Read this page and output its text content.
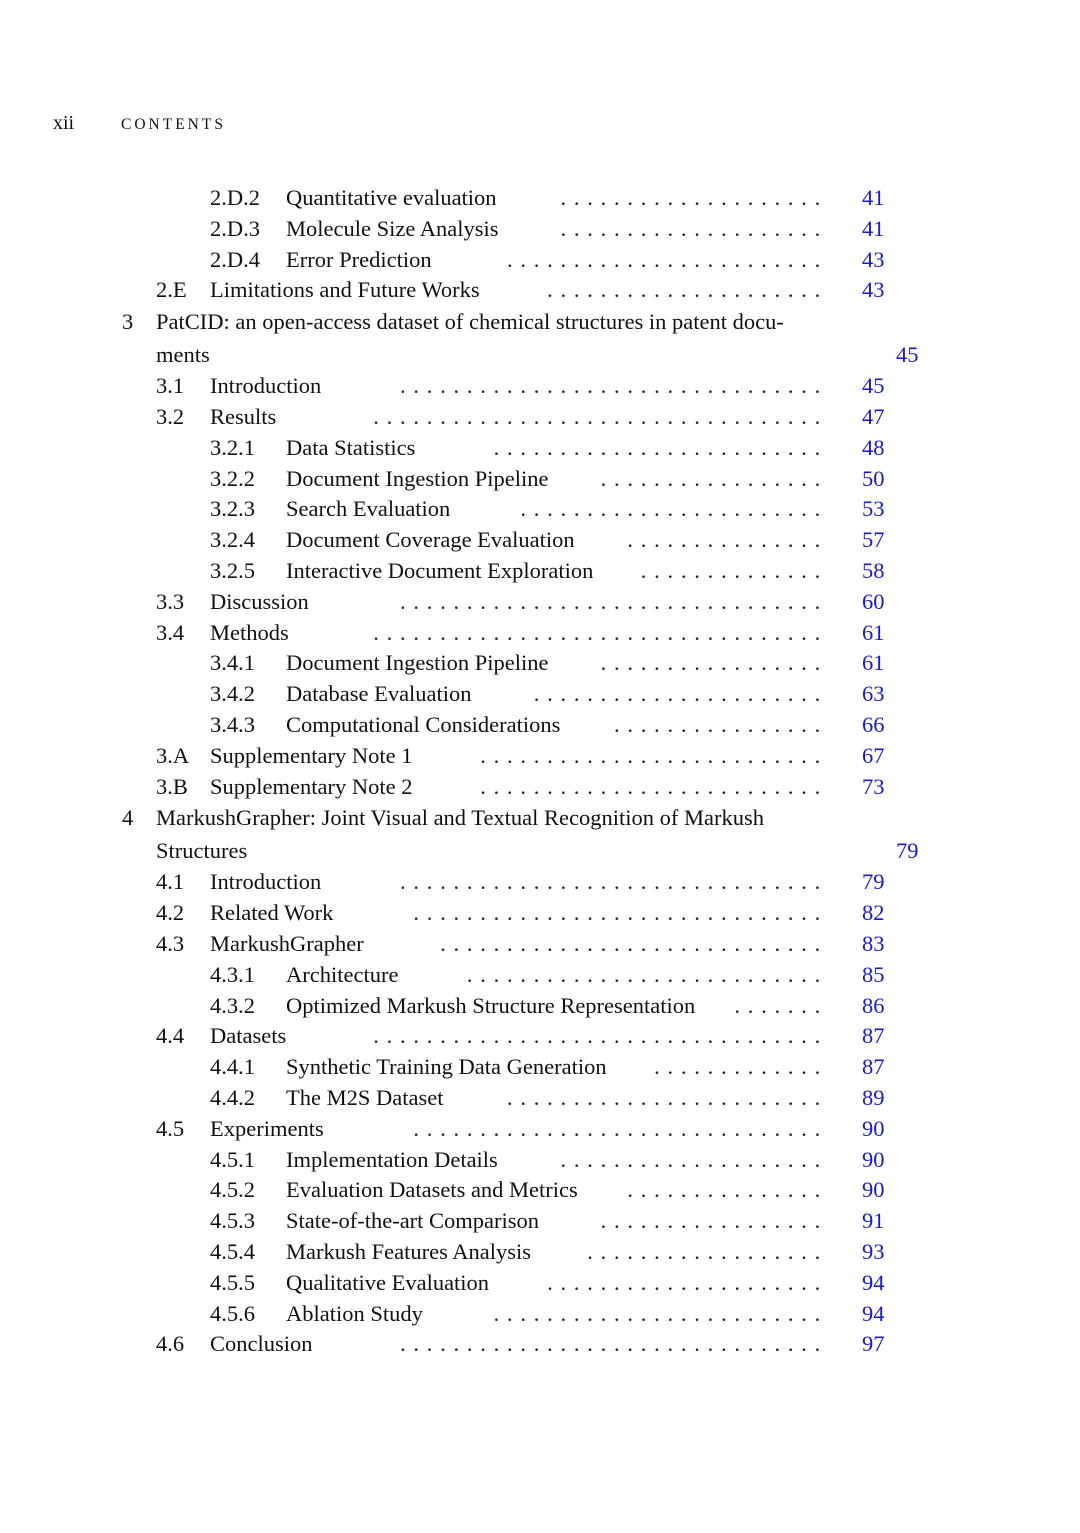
xii	CONTENTS
2.D.2	Quantitative evaluation	....................	41
2.D.3	Molecule Size Analysis	....................	41
2.D.4	Error Prediction	........................	43
2.E	Limitations and Future Works	.....................	43
3	PatCID: an open-access dataset of chemical structures in patent docu-
ments	45
3.1	Introduction	................................	45
3.2	Results	..................................	47
3.2.1	Data Statistics	.........................	48
3.2.2	Document Ingestion Pipeline	.................	50
3.2.3	Search Evaluation	.......................	53
3.2.4	Document Coverage Evaluation	...............	57
3.2.5	Interactive Document Exploration	..............	58
3.3	Discussion	................................	60
3.4	Methods	..................................	61
3.4.1	Document Ingestion Pipeline	.................	61
3.4.2	Database Evaluation	......................	63
3.4.3	Computational Considerations	................	66
3.A Supplementary Note 1	..........................	67
3.B Supplementary Note 2	..........................	73
4	MarkushGrapher: Joint Visual and Textual Recognition of Markush
Structures	79
4.1	Introduction	................................	79
4.2	Related Work	...............................	82
4.3	MarkushGrapher	.............................	83
4.3.1	Architecture	...........................	85
4.3.2	Optimized Markush Structure Representation	.......	86
4.4	Datasets	..................................	87
4.4.1	Synthetic Training Data Generation	.............	87
4.4.2	The M2S Dataset	........................	89
4.5	Experiments	...............................	90
4.5.1	Implementation Details	....................	90
4.5.2	Evaluation Datasets and Metrics	...............	90
4.5.3	State-of-the-art Comparison	.................	91
4.5.4	Markush Features Analysis	..................	93
4.5.5	Qualitative Evaluation	.....................	94
4.5.6	Ablation Study	.........................	94
4.6	Conclusion	................................	97
